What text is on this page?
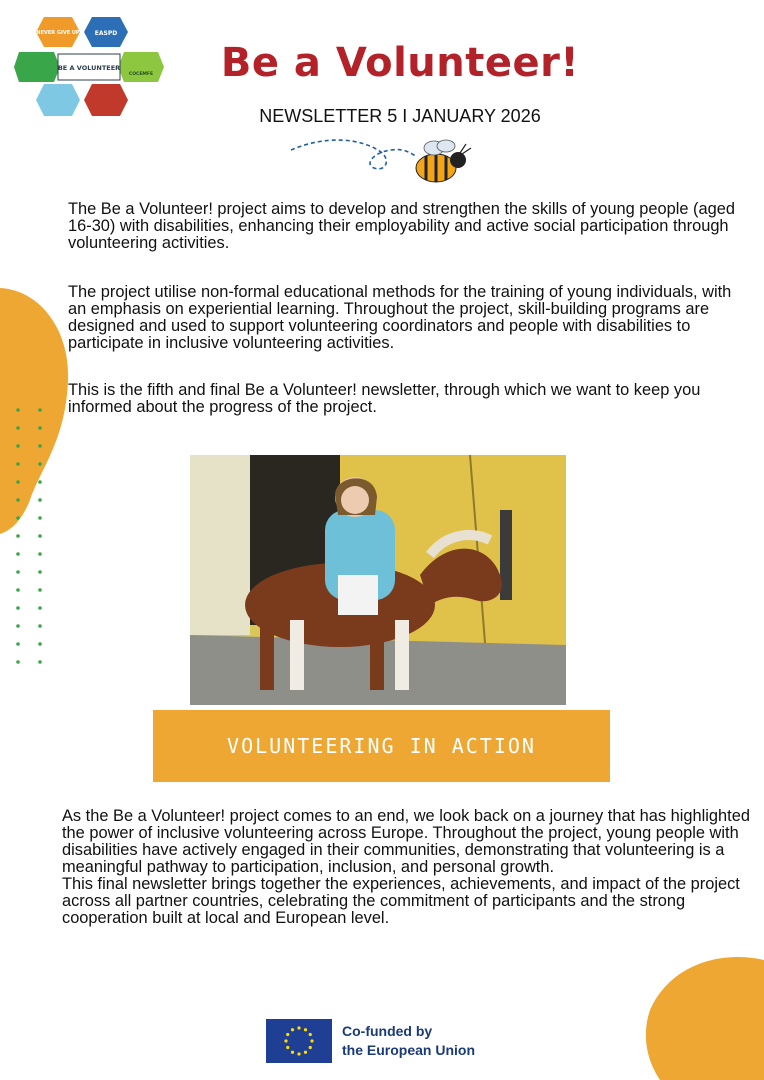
BE A VOLUNTEER
NEVER GIVE UP	EASPD
COCEMFE	Be a Volunteer!
NEWSLETTER 5 I JANUARY 2026

The Be a Volunteer! project aims to develop and strengthen the skills of young people (aged 16-30) with disabilities, enhancing their employability and active social participation through volunteering activities.

The project utilise non-formal educational methods for the training of young individuals, with an emphasis on experiential learning. Throughout the project, skill-building programs are designed and used to support volunteering coordinators and people with disabilities to participate in inclusive volunteering activities.

This is the fifth and final Be a Volunteer! newsletter, through which we want to keep you informed about the progress of the project.

VOLUNTEERING IN ACTION
As the Be a Volunteer! project comes to an end, we look back on a journey that has highlighted the power of inclusive volunteering across Europe. Throughout the project, young people with disabilities have actively engaged in their communities, demonstrating that volunteering is a meaningful pathway to participation, inclusion, and personal growth.
This final newsletter brings together the experiences, achievements, and impact of the project across all partner countries, celebrating the commitment of participants and the strong cooperation built at local and European level.
Co-funded by
the European Union
